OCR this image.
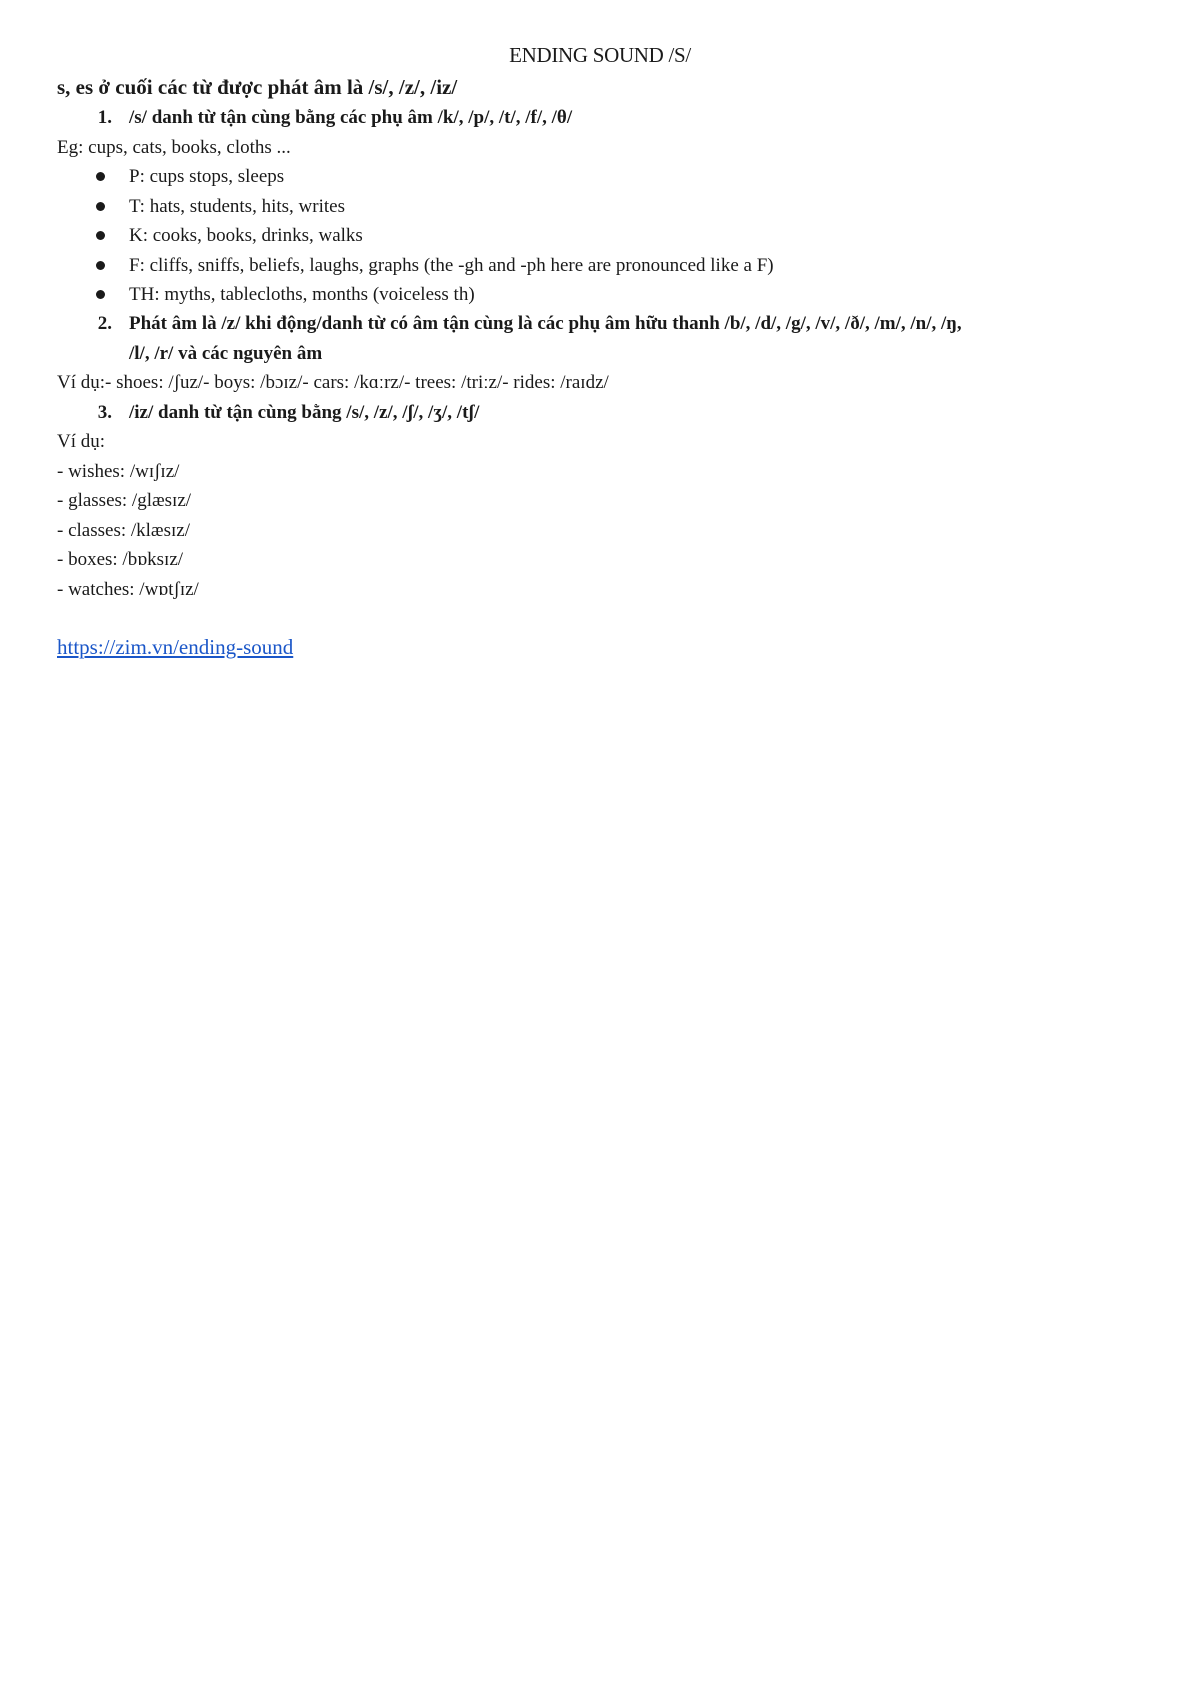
ENDING SOUND /S/
s, es ở cuối các từ được phát âm là /s/, /z/, /iz/
1. /s/ danh từ tận cùng bằng các phụ âm /k/, /p/, /t/, /f/, /θ/
Eg: cups, cats, books, cloths ...
P: cups stops, sleeps
T: hats, students, hits, writes
K: cooks, books, drinks, walks
F: cliffs, sniffs, beliefs, laughs, graphs (the -gh and -ph here are pronounced like a F)
TH: myths, tablecloths, months (voiceless th)
2. Phát âm là /z/ khi động/danh từ có âm tận cùng là các phụ âm hữu thanh /b/, /d/, /g/, /v/, /ð/, /m/, /n/, /ŋ,
/l/, /r/ và các nguyên âm
Ví dụ:- shoes: /ʃuz/- boys: /bɔɪz/- cars: /kɑːrz/- trees: /triːz/- rides: /raɪdz/
3. /iz/ danh từ tận cùng bằng /s/, /z/, /ʃ/, /ʒ/, /tʃ/
Ví dụ:
- wishes: /wɪʃɪz/
- glasses: /glæsɪz/
- classes: /klæsɪz/
- boxes: /bɒksɪz/
- watches: /wɒtʃɪz/
https://zim.vn/ending-sound
